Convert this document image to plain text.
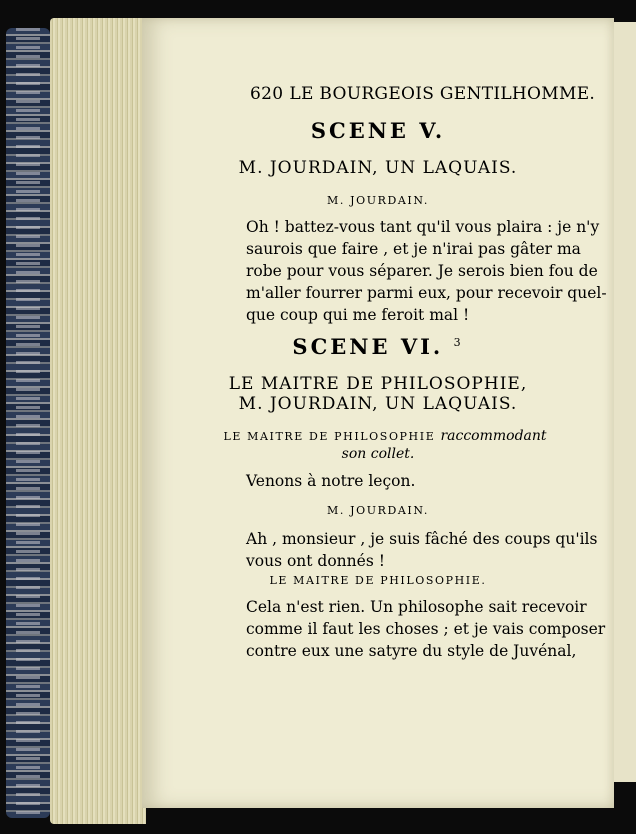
620 LE BOURGEOIS GENTILHOMME.
SCENE V.
M. JOURDAIN, UN LAQUAIS.
M. JOURDAIN.
Oh ! battez-vous tant qu'il vous plaira : je n'y
saurois que faire , et je n'irai pas gâter ma
robe pour vous séparer. Je serois bien fou de
m'aller fourrer parmi eux, pour recevoir quel-
que coup qui me feroit mal !
SCENE VI. $^3$
LE MAITRE DE PHILOSOPHIE,
M. JOURDAIN, UN LAQUAIS.
LE MAITRE DE PHILOSOPHIE raccommodant
son collet.
Venons à notre leçon.
M. JOURDAIN.
Ah , monsieur , je suis fâché des coups qu'ils
vous ont donnés !
LE MAITRE DE PHILOSOPHIE.
Cela n'est rien. Un philosophe sait recevoir
comme il faut les choses ; et je vais composer
contre eux une satyre du style de Juvénal,
